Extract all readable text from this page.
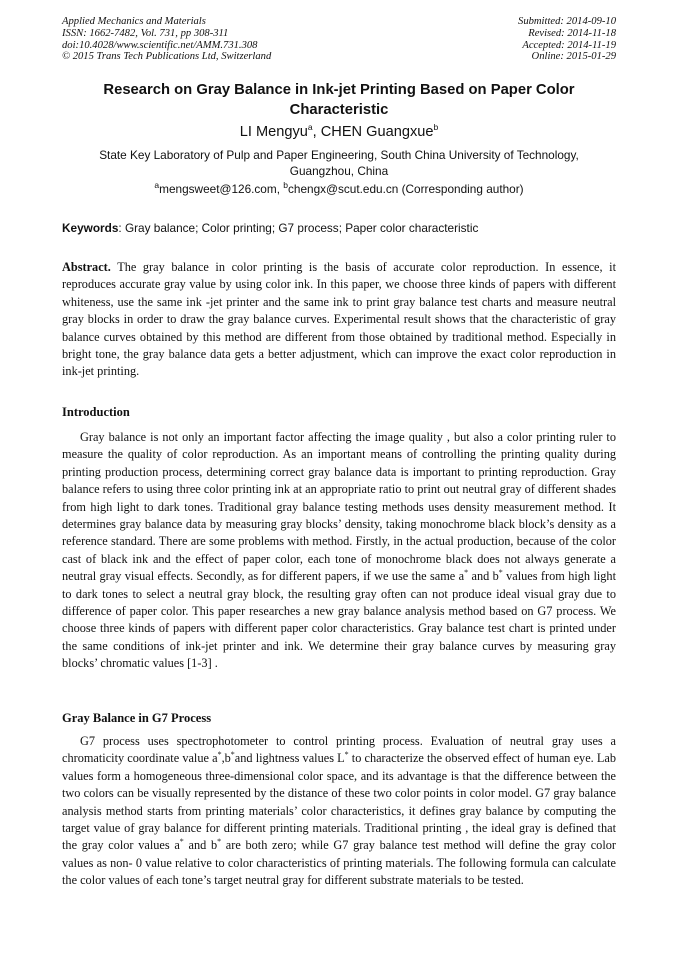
Applied Mechanics and Materials
ISSN: 1662-7482, Vol. 731, pp 308-311
doi:10.4028/www.scientific.net/AMM.731.308
© 2015 Trans Tech Publications Ltd, Switzerland
Submitted: 2014-09-10
Revised: 2014-11-18
Accepted: 2014-11-19
Online: 2015-01-29
Research on Gray Balance in Ink-jet Printing Based on Paper Color Characteristic

LI Mengyu$^a$, CHEN Guangxue$^b$

State Key Laboratory of Pulp and Paper Engineering, South China University of Technology, Guangzhou, China

$^a$mengsweet@126.com, $^b$chengx@scut.edu.cn (Corresponding author)

Keywords: Gray balance; Color printing; G7 process; Paper color characteristic

Abstract. The gray balance in color printing is the basis of accurate color reproduction. In essence, it reproduces accurate gray value by using color ink. In this paper, we choose three kinds of papers with different whiteness, use the same ink -jet printer and the same ink to print gray balance test charts and measure neutral gray blocks in order to draw the gray balance curves. Experimental result shows that the characteristic of gray balance curves obtained by this method are different from those obtained by traditional method. Especially in bright tone, the gray balance data gets a better adjustment, which can improve the exact color reproduction in ink-jet printing.

Introduction

Gray balance is not only an important factor affecting the image quality , but also a color printing ruler to measure the quality of color reproduction. As an important means of controlling the printing quality during printing production process, determining correct gray balance data is important to printing reproduction. Gray balance refers to using three color printing ink at an appropriate ratio to print out neutral gray of different shades from high light to dark tones. Traditional gray balance testing methods uses density measurement method. It determines gray balance data by measuring gray blocks’ density, taking monochrome black block’s density as a reference standard. There are some problems with method. Firstly, in the actual production, because of the color cast of black ink and the effect of paper color, each tone of monochrome black does not always generate a neutral gray visual effects. Secondly, as for different papers, if we use the same a* and b* values from high light to dark tones to select a neutral gray block, the resulting gray often can not produce ideal visual gray due to difference of paper color. This paper researches a new gray balance analysis method based on G7 process. We choose three kinds of papers with different paper color characteristics. Gray balance test chart is printed under the same conditions of ink-jet printer and ink. We determine their gray balance curves by measuring gray blocks’ chromatic values [1-3] .

Gray Balance in G7 Process

G7 process uses spectrophotometer to control printing process. Evaluation of neutral gray uses a chromaticity coordinate value a*,b*and lightness values L* to characterize the observed effect of human eye. Lab values form a homogeneous three-dimensional color space, and its advantage is that the difference between the two colors can be visually represented by the distance of these two color points in color model. G7 gray balance analysis method starts from printing materials’ color characteristics, it defines gray balance by computing the target value of gray balance for different printing materials. Traditional printing , the ideal gray is defined that the gray color values a* and b* are both zero; while G7 gray balance test method will define the gray color values as non- 0 value relative to color characteristics of printing materials. The following formula can calculate the color values of each tone’s target neutral gray for different substrate materials to be tested.
